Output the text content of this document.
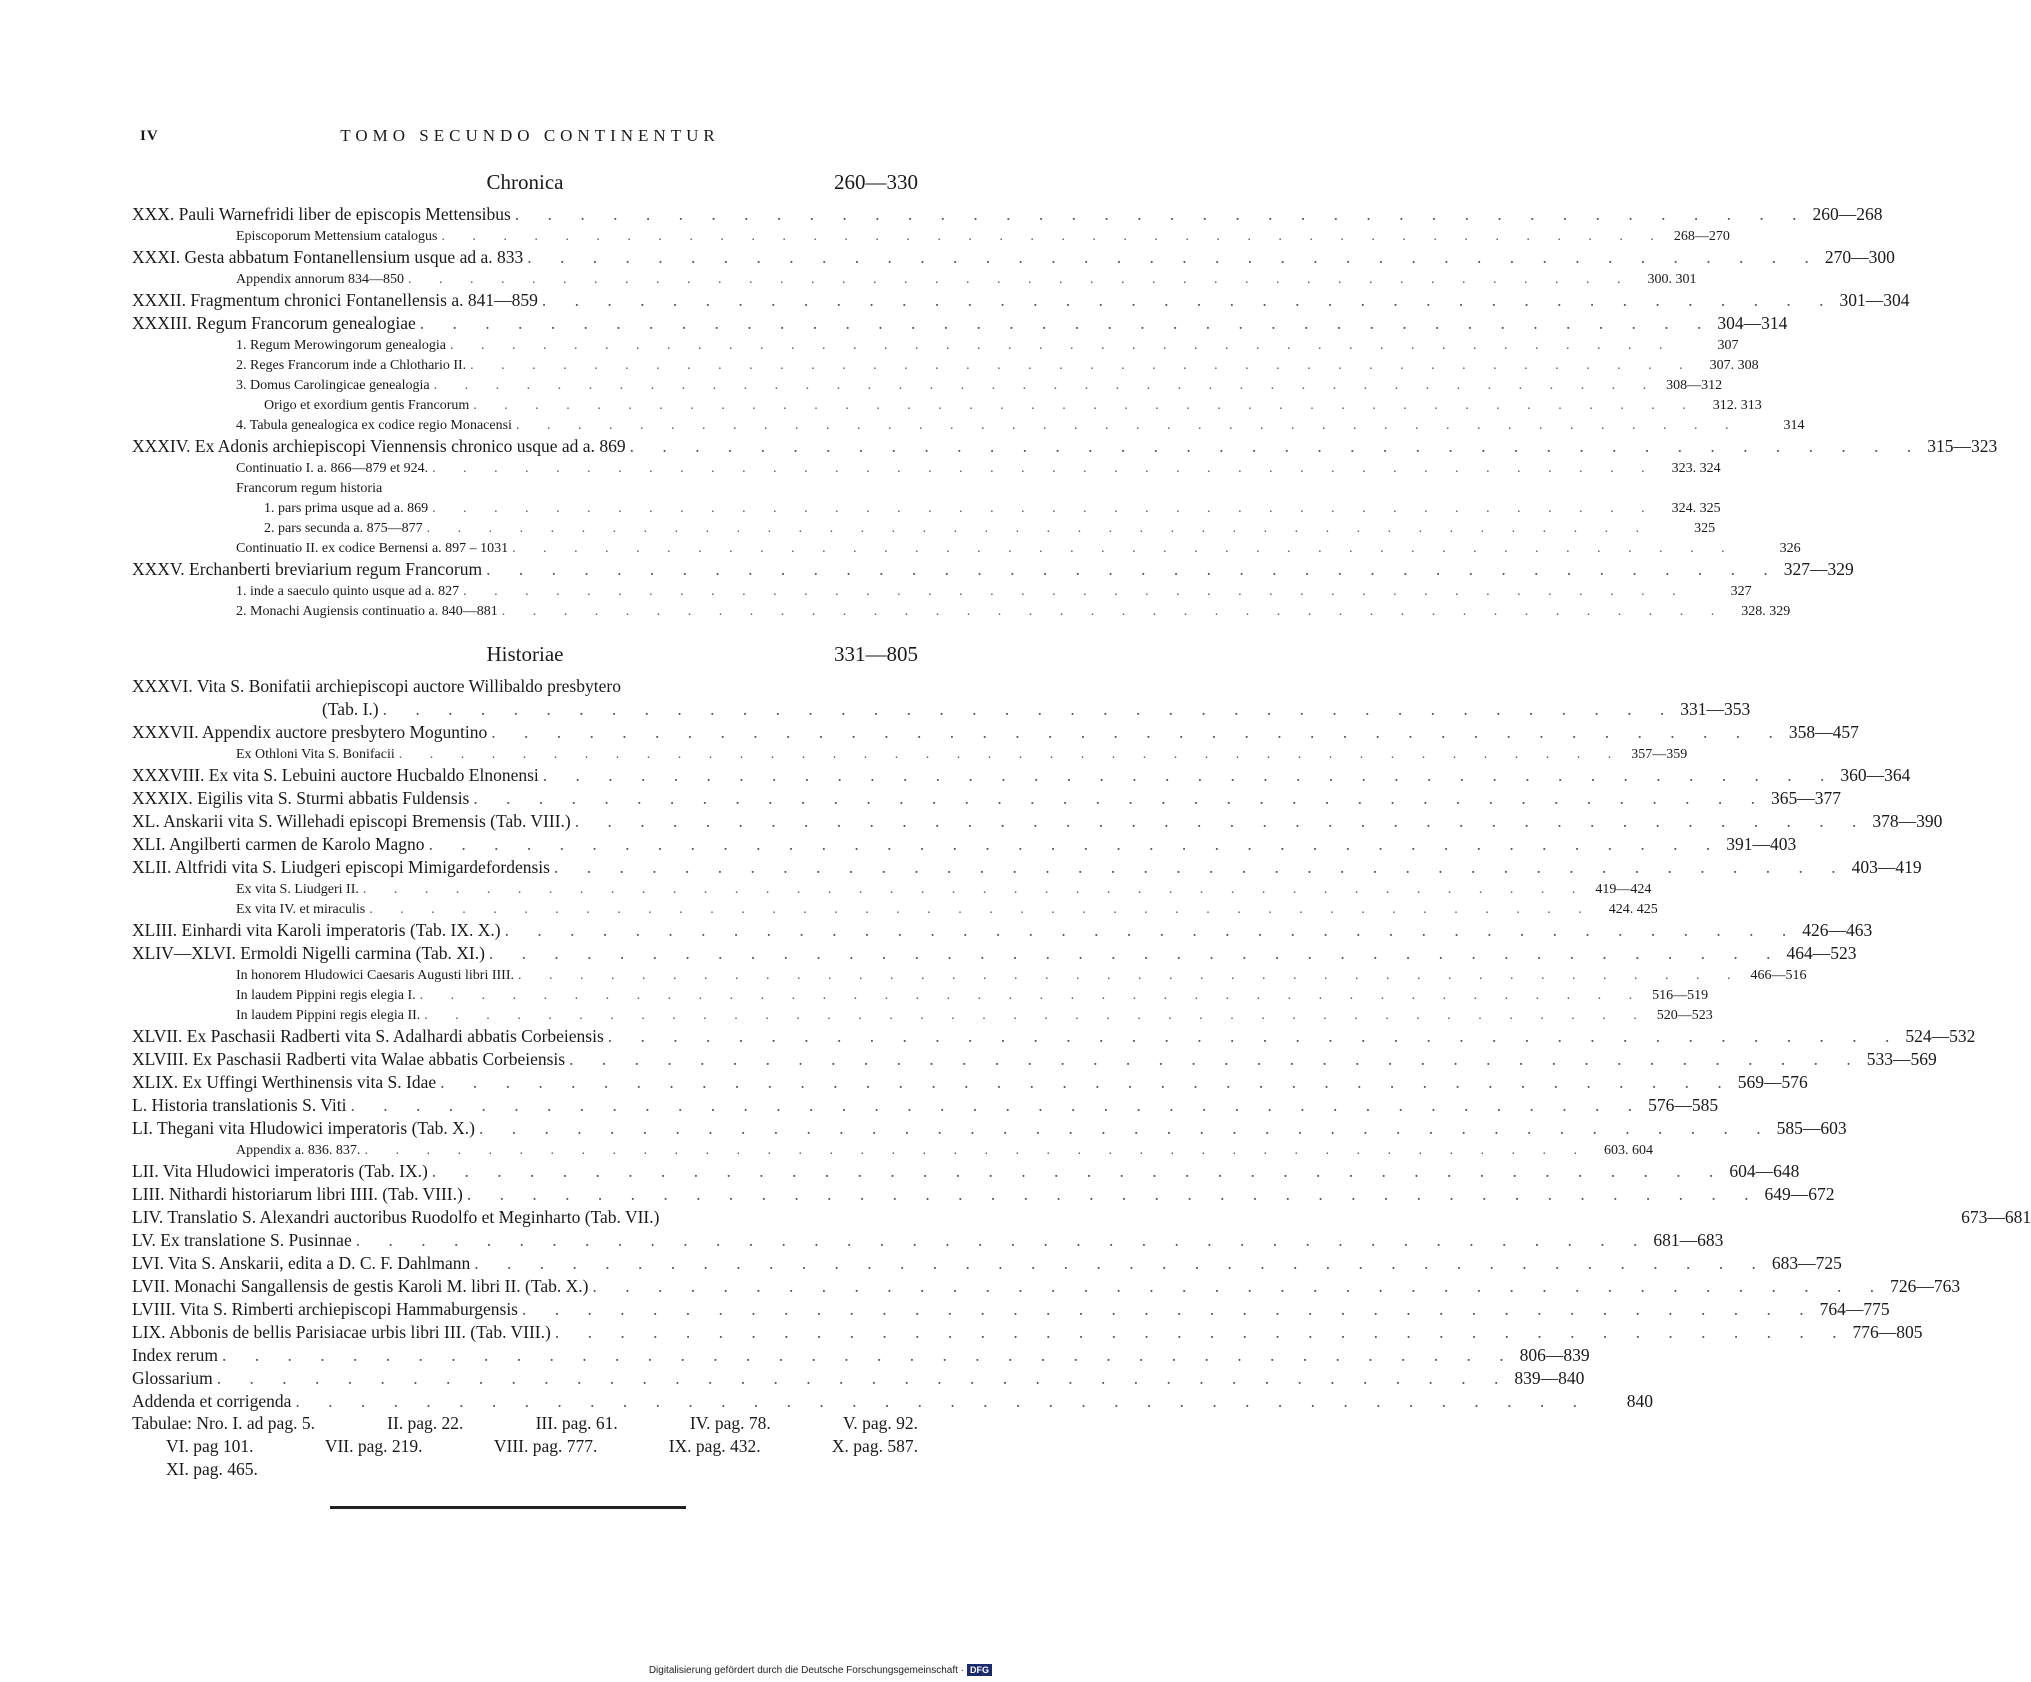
IV	TOMO SECUNDO CONTINENTUR
Chronica	260—330
XXX. Pauli Warnefridi liber de episcopis Mettensibus . . .	260—268
Episcoporum Mettensium catalogus . . .	268—270
XXXI. Gesta abbatum Fontanellensium usque ad a. 833 . . .	270—300
Appendix annorum 834—850 . . .	300. 301
XXXII. Fragmentum chronici Fontanellensis a. 841—859 . . .	301—304
XXXIII. Regum Francorum genealogiae . . .	304—314
1. Regum Merowingorum genealogia . . .	307
2. Reges Francorum inde a Chlothario II. . . .	307. 308
3. Domus Carolingicae genealogia . . .	308—312
Origo et exordium gentis Francorum . . .	312. 313
4. Tabula genealogica ex codice regio Monacensi . . .	314
XXXIV. Ex Adonis archiepiscopi Viennensis chronico usque ad a. 869 . . .	315—323
Continuatio I. a. 866—879 et 924. . . .	323. 324
Francorum regum historia
1. pars prima usque ad a. 869 . . .	324. 325
2. pars secunda a. 875—877 . . .	325
Continuatio II. ex codice Bernensi a. 897 – 1031 . . .	326
XXXV. Erchanberti breviarium regum Francorum . . .	327—329
1. inde a saeculo quinto usque ad a. 827 . . .	327
2. Monachi Augiensis continuatio a. 840—881 . . .	328. 329
Historiae	331—805
XXXVI. Vita S. Bonifatii archiepiscopi auctore Willibaldo presbytero
(Tab. I.) . . .	331—353
XXXVII. Appendix auctore presbytero Moguntino . . .	358—457
Ex Othloni Vita S. Bonifacii . . .	357—359
XXXVIII. Ex vita S. Lebuini auctore Hucbaldo Elnonensi . . .	360—364
XXXIX. Eigilis vita S. Sturmi abbatis Fuldensis . . .	365—377
XL. Anskarii vita S. Willehadi episcopi Bremensis (Tab. VIII.) . . .	378—390
XLI. Angilberti carmen de Karolo Magno . . .	391—403
XLII. Altfridi vita S. Liudgeri episcopi Mimigardefordensis . . .	403—419
Ex vita S. Liudgeri II. . . .	419—424
Ex vita IV. et miraculis . . .	424. 425
XLIII. Einhardi vita Karoli imperatoris (Tab. IX. X.) . . .	426—463
XLIV—XLVI. Ermoldi Nigelli carmina (Tab. XI.) . . .	464—523
In honorem Hludowici Caesaris Augusti libri IIII. . . .	466—516
In laudem Pippini regis elegia I. . . .	516—519
In laudem Pippini regis elegia II. . . .	520—523
XLVII. Ex Paschasii Radberti vita S. Adalhardi abbatis Corbeiensis . . .	524—532
XLVIII. Ex Paschasii Radberti vita Walae abbatis Corbeiensis . . .	533—569
XLIX. Ex Uffingi Werthinensis vita S. Idae . . .	569—576
L. Historia translationis S. Viti . . .	576—585
LI. Thegani vita Hludowici imperatoris (Tab. X.) . . .	585—603
Appendix a. 836. 837. . . .	603. 604
LII. Vita Hludowici imperatoris (Tab. IX.) . . .	604—648
LIII. Nithardi historiarum libri IIII. (Tab. VIII.) . . .	649—672
LIV. Translatio S. Alexandri auctoribus Ruodolfo et Meginharto (Tab. VII.)	673—681
LV. Ex translatione S. Pusinnae . . .	681—683
LVI. Vita S. Anskarii, edita a D. C. F. Dahlmann . . .	683—725
LVII. Monachi Sangallensis de gestis Karoli M. libri II. (Tab. X.) . . .	726—763
LVIII. Vita S. Rimberti archiepiscopi Hammaburgensis . . .	764—775
LIX. Abbonis de bellis Parisiacae urbis libri III. (Tab. VIII.) . . .	776—805
Index rerum . . .	806—839
Glossarium . . .	839—840
Addenda et corrigenda . . .	840
Tabulae: Nro. I. ad pag. 5.	II. pag. 22.	III. pag. 61.	IV. pag. 78.	V. pag. 92.
VI. pag 101.	VII. pag. 219.	VIII. pag. 777.	IX. pag. 432.	X. pag. 587.
XI. pag. 465.
Digitalisierung gefördert durch die Deutsche Forschungsgemeinschaft · DFG
